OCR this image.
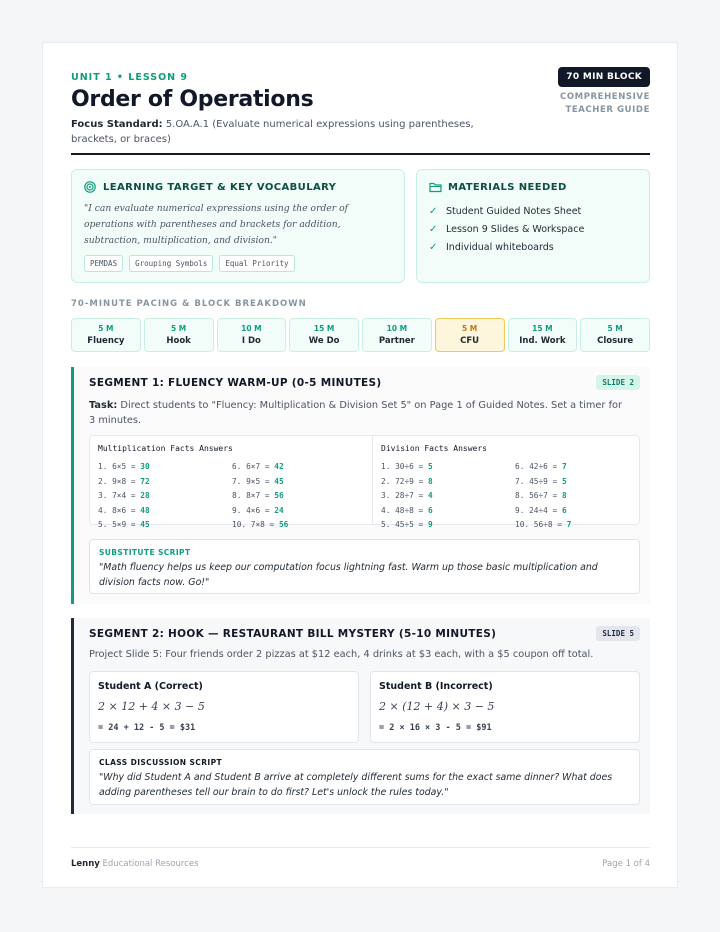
UNIT 1 • LESSON 9
Order of Operations
Focus Standard: 5.OA.A.1 (Evaluate numerical expressions using parentheses, brackets, or braces)
70 MIN BLOCK
COMPREHENSIVE TEACHER GUIDE
LEARNING TARGET & KEY VOCABULARY
"I can evaluate numerical expressions using the order of operations with parentheses and brackets for addition, subtraction, multiplication, and division."
PEMDAS	Grouping Symbols	Equal Priority
MATERIALS NEEDED
✓ Student Guided Notes Sheet
✓ Lesson 9 Slides & Workspace
✓ Individual whiteboards
70-MINUTE PACING & BLOCK BREAKDOWN
5 M
Fluency
5 M
Hook
10 M
I Do
15 M
We Do
10 M
Partner
5 M
CFU
15 M
Ind. Work
5 M
Closure
SEGMENT 1: FLUENCY WARM-UP (0-5 MINUTES)	SLIDE 2
Task: Direct students to "Fluency: Multiplication & Division Set 5" on Page 1 of Guided Notes. Set a timer for 3 minutes.
Multiplication Facts Answers
1. 6×5 = 30	6. 6×7 = 42
2. 9×8 = 72	7. 9×5 = 45
3. 7×4 = 28	8. 8×7 = 56
4. 8×6 = 48	9. 4×6 = 24
5. 5×9 = 45	10. 7×8 = 56
Division Facts Answers
1. 30÷6 = 5	6. 42÷6 = 7
2. 72÷9 = 8	7. 45÷9 = 5
3. 28÷7 = 4	8. 56÷7 = 8
4. 48÷8 = 6	9. 24÷4 = 6
5. 45÷5 = 9	10. 56÷8 = 7
SUBSTITUTE SCRIPT
"Math fluency helps us keep our computation focus lightning fast. Warm up those basic multiplication and division facts now. Go!"
SEGMENT 2: HOOK — RESTAURANT BILL MYSTERY (5-10 MINUTES)	SLIDE 5
Project Slide 5: Four friends order 2 pizzas at $12 each, 4 drinks at $3 each, with a $5 coupon off total.
Student A (Correct)
2 × 12 + 4 × 3 − 5
= 24 + 12 - 5 = $31
Student B (Incorrect)
2 × (12 + 4) × 3 − 5
= 2 × 16 × 3 - 5 = $91
CLASS DISCUSSION SCRIPT
"Why did Student A and Student B arrive at completely different sums for the exact same dinner? What does adding parentheses tell our brain to do first? Let's unlock the rules today."
Lenny Educational Resources	Page 1 of 4
